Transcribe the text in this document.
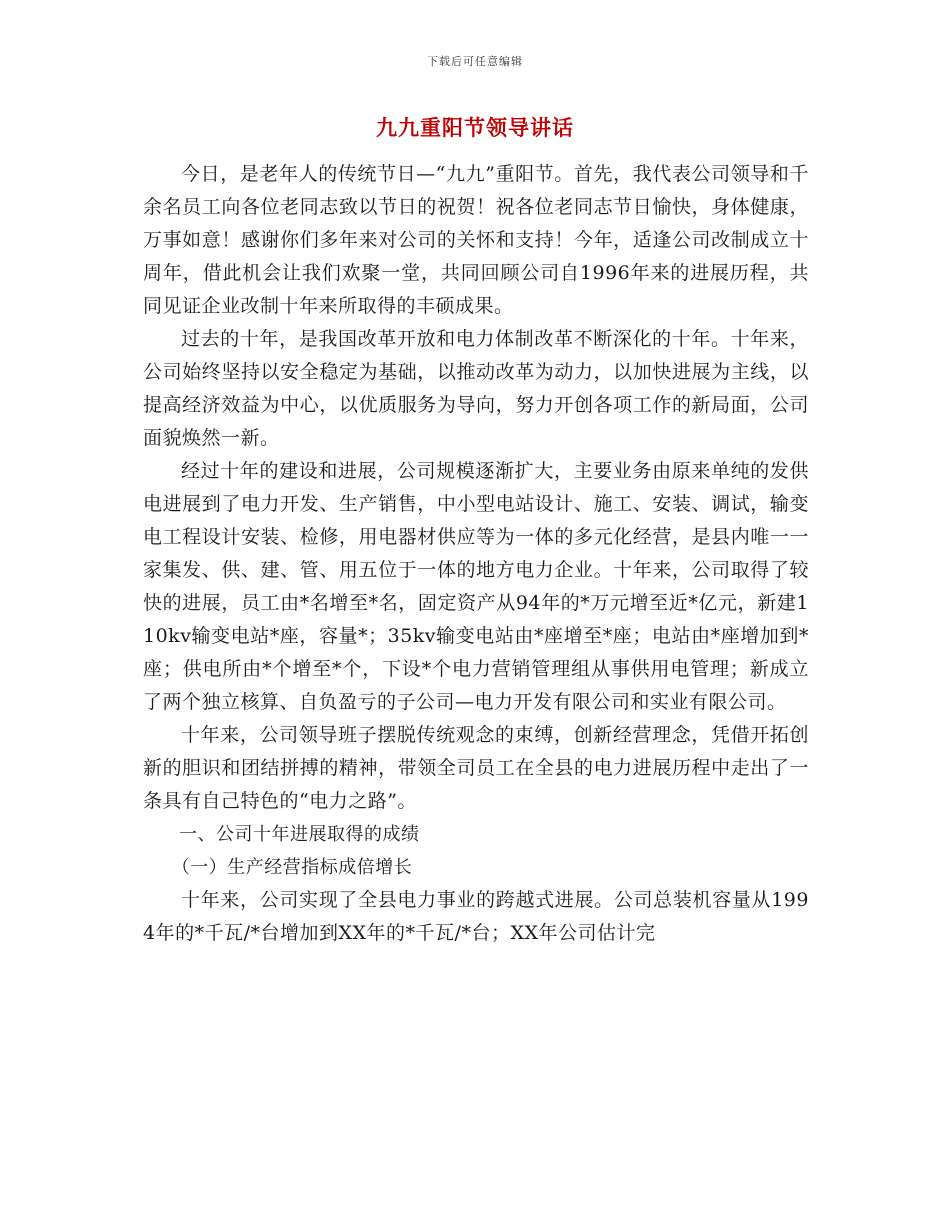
下载后可任意编辑
九九重阳节领导讲话

今日，是老年人的传统节日—“九九”重阳节。首先，我代表公司领导和千余名员工向各位老同志致以节日的祝贺！祝各位老同志节日愉快，身体健康，万事如意！感谢你们多年来对公司的关怀和支持！今年，适逢公司改制成立十周年，借此机会让我们欢聚一堂，共同回顾公司自1996年来的进展历程，共同见证企业改制十年来所取得的丰硕成果。

过去的十年，是我国改革开放和电力体制改革不断深化的十年。十年来，公司始终坚持以安全稳定为基础，以推动改革为动力，以加快进展为主线，以提高经济效益为中心，以优质服务为导向，努力开创各项工作的新局面，公司面貌焕然一新。

经过十年的建设和进展，公司规模逐渐扩大，主要业务由原来单纯的发供电进展到了电力开发、生产销售，中小型电站设计、施工、安装、调试，输变电工程设计安装、检修，用电器材供应等为一体的多元化经营，是县内唯一一家集发、供、建、管、用五位于一体的地方电力企业。十年来，公司取得了较快的进展，员工由*名增至*名，固定资产从94年的*万元增至近*亿元，新建110kv输变电站*座，容量*；35kv输变电站由*座增至*座；电站由*座增加到*座；供电所由*个增至*个，下设*个电力营销管理组从事供用电管理；新成立了两个独立核算、自负盈亏的子公司—电力开发有限公司和实业有限公司。

十年来，公司领导班子摆脱传统观念的束缚，创新经营理念，凭借开拓创新的胆识和团结拼搏的精神，带领全司员工在全县的电力进展历程中走出了一条具有自己特色的“电力之路”。

一、公司十年进展取得的成绩

（一）生产经营指标成倍增长

十年来，公司实现了全县电力事业的跨越式进展。公司总装机容量从1994年的*千瓦/*台增加到XX年的*千瓦/*台；XX年公司估计完
